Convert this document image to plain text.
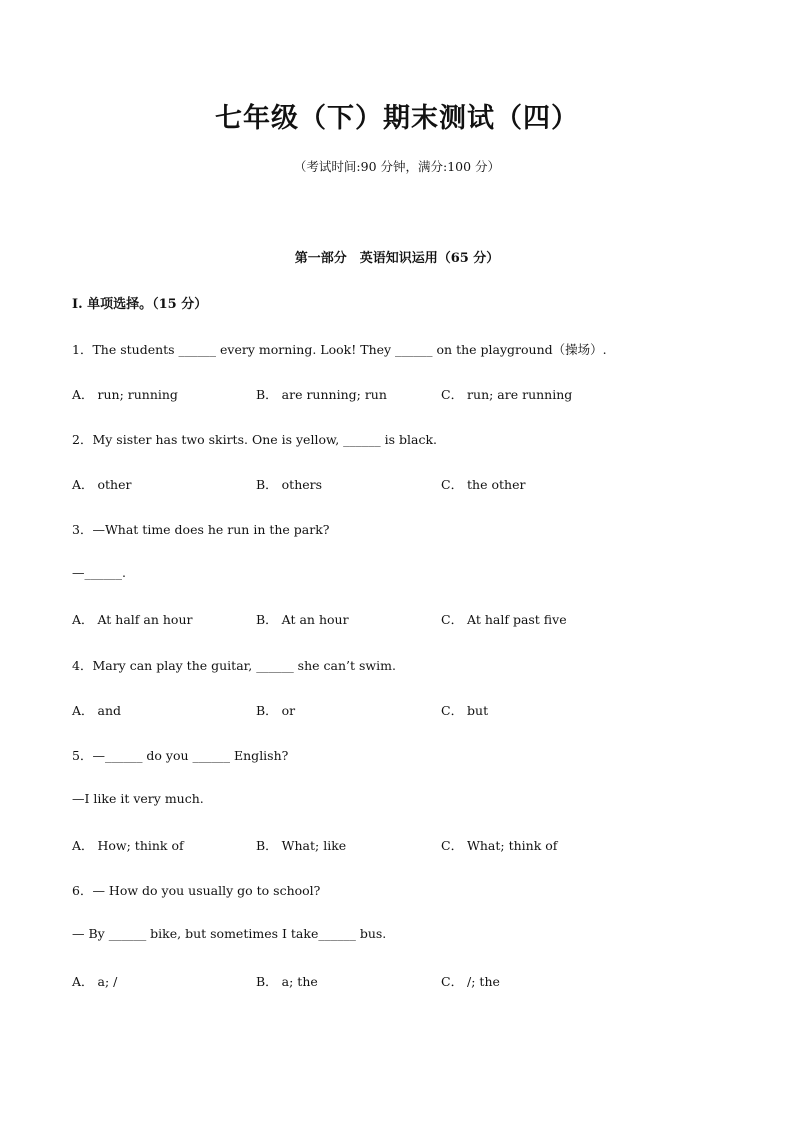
七年级（下）期末测试（四）
（考试时间:90 分钟，满分:100 分）
第一部分　英语知识运用（65 分）
Ⅰ. 单项选择。（15 分）
1．The students ______ every morning. Look! They ______ on the playground（操场）.
A． run; running	B． are running; run	C． run; are running
2．My sister has two skirts. One is yellow, ______ is black.
A． other	B． others	C． the other
3．—What time does he run in the park?
—______.
A． At half an hour	B． At an hour	C． At half past five
4．Mary can play the guitar, ______ she can’t swim.
A． and	B． or	C． but
5．—______ do you ______ English?
—I like it very much.
A． How; think of	B． What; like	C． What; think of
6．— How do you usually go to school?
— By ______ bike, but sometimes I take______ bus.
A． a; /	B． a; the	C． /; the
